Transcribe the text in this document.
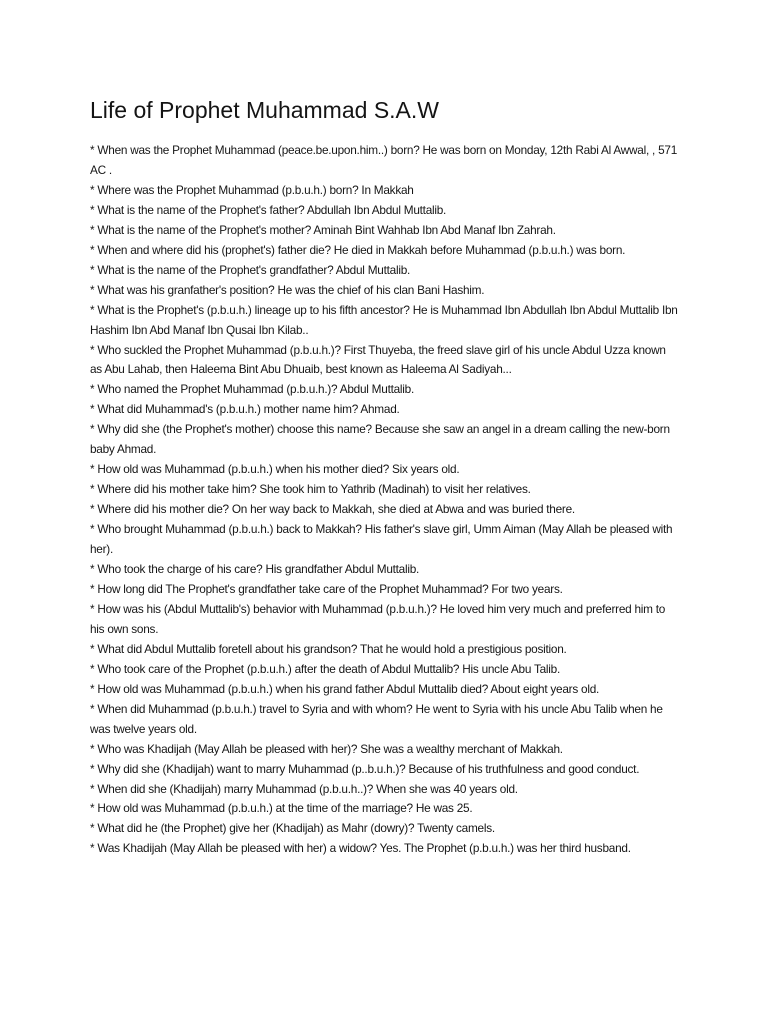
Life of Prophet Muhammad S.A.W
* When was the Prophet Muhammad (peace.be.upon.him..) born? He was born on Monday, 12th Rabi Al Awwal, , 571 AC .
* Where was the Prophet Muhammad (p.b.u.h.) born? In Makkah
* What is the name of the Prophet's father? Abdullah Ibn Abdul Muttalib.
* What is the name of the Prophet's mother? Aminah Bint Wahhab Ibn Abd Manaf Ibn Zahrah.
* When and where did his (prophet's) father die? He died in Makkah before Muhammad (p.b.u.h.) was born.
* What is the name of the Prophet's grandfather? Abdul Muttalib.
* What was his granfather's position? He was the chief of his clan Bani Hashim.
* What is the Prophet's (p.b.u.h.) lineage up to his fifth ancestor? He is Muhammad Ibn Abdullah Ibn Abdul Muttalib Ibn Hashim Ibn Abd Manaf Ibn Qusai Ibn Kilab..
* Who suckled the Prophet Muhammad (p.b.u.h.)? First Thuyeba, the freed slave girl of his uncle Abdul Uzza known as Abu Lahab, then Haleema Bint Abu Dhuaib, best known as Haleema Al Sadiyah...
* Who named the Prophet Muhammad (p.b.u.h.)? Abdul Muttalib.
* What did Muhammad's (p.b.u.h.) mother name him? Ahmad.
* Why did she (the Prophet's mother) choose this name? Because she saw an angel in a dream calling the new-born baby Ahmad.
* How old was Muhammad (p.b.u.h.) when his mother died? Six years old.
* Where did his mother take him? She took him to Yathrib (Madinah) to visit her relatives.
* Where did his mother die? On her way back to Makkah, she died at Abwa and was buried there.
* Who brought Muhammad (p.b.u.h.) back to Makkah? His father's slave girl, Umm Aiman (May Allah be pleased with her).
* Who took the charge of his care? His grandfather Abdul Muttalib.
* How long did The Prophet's grandfather take care of the Prophet Muhammad? For two years.
* How was his (Abdul Muttalib's) behavior with Muhammad (p.b.u.h.)? He loved him very much and preferred him to his own sons.
* What did Abdul Muttalib foretell about his grandson? That he would hold a prestigious position.
* Who took care of the Prophet (p.b.u.h.) after the death of Abdul Muttalib? His uncle Abu Talib.
* How old was Muhammad (p.b.u.h.) when his grand father Abdul Muttalib died? About eight years old.
* When did Muhammad (p.b.u.h.) travel to Syria and with whom? He went to Syria with his uncle Abu Talib when he was twelve years old.
* Who was Khadijah (May Allah be pleased with her)? She was a wealthy merchant of Makkah.
* Why did she (Khadijah) want to marry Muhammad (p..b.u.h.)? Because of his truthfulness and good conduct.
* When did she (Khadijah) marry Muhammad (p.b.u.h..)? When she was 40 years old.
* How old was Muhammad (p.b.u.h.) at the time of the marriage? He was 25.
* What did he (the Prophet) give her (Khadijah) as Mahr (dowry)? Twenty camels.
* Was Khadijah (May Allah be pleased with her) a widow? Yes. The Prophet (p.b.u.h.) was her third husband.
